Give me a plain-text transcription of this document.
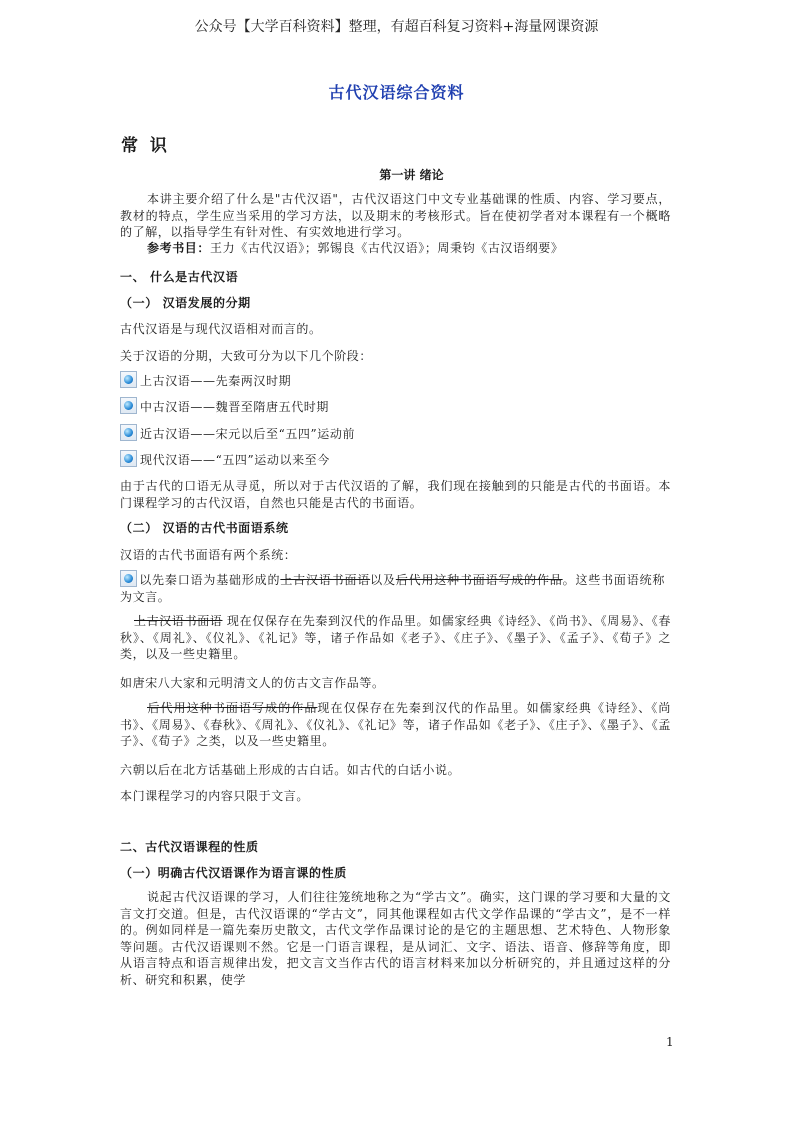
公众号【大学百科资料】整理，有超百科复习资料+海量网课资源
古代汉语综合资料
常 识
第一讲 绪论
本讲主要介绍了什么是"古代汉语"，古代汉语这门中文专业基础课的性质、内容、学习要点，教材的特点，学生应当采用的学习方法，以及期末的考核形式。旨在使初学者对本课程有一个概略的了解，以指导学生有针对性、有实效地进行学习。
参考书目：王力《古代汉语》；郭锡良《古代汉语》；周秉钧《古汉语纲要》
一、 什么是古代汉语
（一） 汉语发展的分期
古代汉语是与现代汉语相对而言的。
关于汉语的分期，大致可分为以下几个阶段：
上古汉语——先秦两汉时期
中古汉语——魏晋至隋唐五代时期
近古汉语——宋元以后至“五四”运动前
现代汉语——“五四”运动以来至今
由于古代的口语无从寻觅，所以对于古代汉语的了解，我们现在接触到的只能是古代的书面语。本门课程学习的古代汉语，自然也只能是古代的书面语。
（二） 汉语的古代书面语系统
汉语的古代书面语有两个系统：
以先秦口语为基础形成的上古汉语书面语以及后代用这种书面语写成的作品。这些书面语统称为文言。
上古汉语书面语 现在仅保存在先秦到汉代的作品里。如儒家经典《诗经》、《尚书》、《周易》、《春秋》、《周礼》、《仪礼》、《礼记》等，诸子作品如《老子》、《庄子》、《墨子》、《孟子》、《荀子》之类，以及一些史籍里。
如唐宋八大家和元明清文人的仿古文言作品等。
后代用这种书面语写成的作品现在仅保存在先秦到汉代的作品里。如儒家经典《诗经》、《尚书》、《周易》、《春秋》、《周礼》、《仪礼》、《礼记》等，诸子作品如《老子》、《庄子》、《墨子》、《孟子》、《荀子》之类，以及一些史籍里。
六朝以后在北方话基础上形成的古白话。如古代的白话小说。
本门课程学习的内容只限于文言。
二、古代汉语课程的性质
（一）明确古代汉语课作为语言课的性质
说起古代汉语课的学习，人们往往笼统地称之为“学古文”。确实，这门课的学习要和大量的文言文打交道。但是，古代汉语课的“学古文”，同其他课程如古代文学作品课的“学古文”，是不一样的。例如同样是一篇先秦历史散文，古代文学作品课讨论的是它的主题思想、艺术特色、人物形象等问题。古代汉语课则不然。它是一门语言课程，是从词汇、文字、语法、语音、修辞等角度，即从语言特点和语言规律出发，把文言文当作古代的语言材料来加以分析研究的，并且通过这样的分析、研究和积累，使学
1
